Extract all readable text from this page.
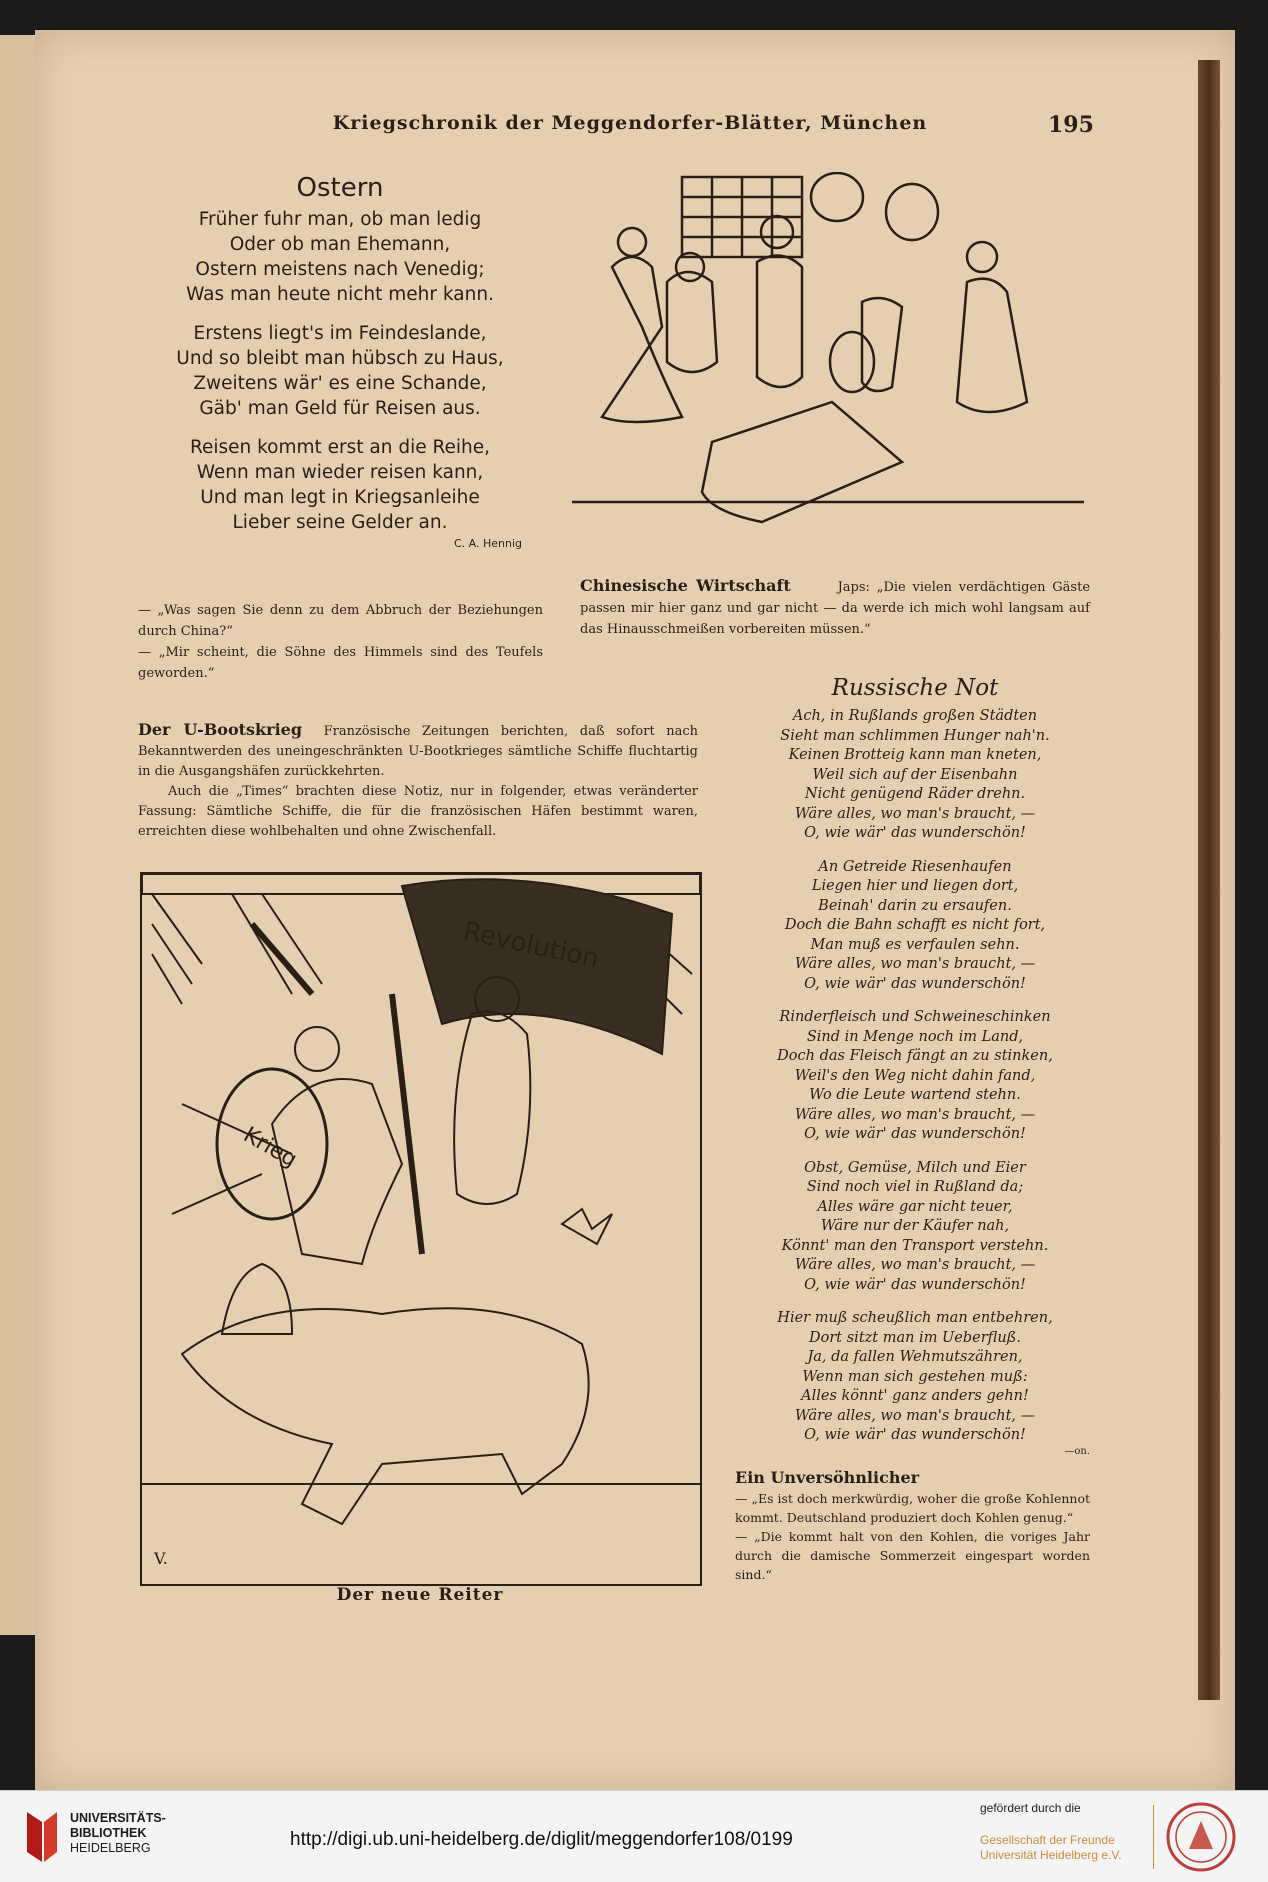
Kriegschronik der Meggendorfer-Blätter, München	195
Ostern
Früher fuhr man, ob man ledig
Oder ob man Ehemann,
Ostern meistens nach Venedig;
Was man heute nicht mehr kann.
Erstens liegt's im Feindeslande,
Und so bleibt man hübsch zu Haus,
Zweitens wär' es eine Schande,
Gäb' man Geld für Reisen aus.
Reisen kommt erst an die Reihe,
Wenn man wieder reisen kann,
Und man legt in Kriegsanleihe
Lieber seine Gelder an.
C. A. Hennig
— „Was sagen Sie denn zu dem Abbruch der Beziehungen durch China?“
— „Mir scheint, die Söhne des Himmels sind des Teufels geworden.“
Der U-Bootskrieg Französische Zeitungen berichten, daß sofort nach Bekanntwerden des uneingeschränkten U-Bootkrieges sämtliche Schiffe fluchtartig in die Ausgangshäfen zurückkehrten.
Auch die „Times“ brachten diese Notiz, nur in folgender, etwas veränderter Fassung: Sämtliche Schiffe, die für die französischen Häfen bestimmt waren, erreichten diese wohlbehalten und ohne Zwischenfall.
Chinesische Wirtschaft	Japs: „Die vielen verdächtigen Gäste passen mir hier ganz und gar nicht — da werde ich mich wohl langsam auf das Hinausschmeißen vorbereiten müssen.“
Revolution
Krieg
V.
Der neue Reiter
Russische Not
Ach, in Rußlands großen Städten
Sieht man schlimmen Hunger nah'n.
Keinen Brotteig kann man kneten,
Weil sich auf der Eisenbahn
Nicht genügend Räder drehn.
Wäre alles, wo man's braucht, —
O, wie wär' das wunderschön!
An Getreide Riesenhaufen
Liegen hier und liegen dort,
Beinah' darin zu ersaufen.
Doch die Bahn schafft es nicht fort,
Man muß es verfaulen sehn.
Wäre alles, wo man's braucht, —
O, wie wär' das wunderschön!
Rinderfleisch und Schweineschinken
Sind in Menge noch im Land,
Doch das Fleisch fängt an zu stinken,
Weil's den Weg nicht dahin fand,
Wo die Leute wartend stehn.
Wäre alles, wo man's braucht, —
O, wie wär' das wunderschön!
Obst, Gemüse, Milch und Eier
Sind noch viel in Rußland da;
Alles wäre gar nicht teuer,
Wäre nur der Käufer nah,
Könnt' man den Transport verstehn.
Wäre alles, wo man's braucht, —
O, wie wär' das wunderschön!
Hier muß scheußlich man entbehren,
Dort sitzt man im Ueberfluß.
Ja, da fallen Wehmutszähren,
Wenn man sich gestehen muß:
Alles könnt' ganz anders gehn!
Wäre alles, wo man's braucht, —
O, wie wär' das wunderschön!
—on.
Ein Unversöhnlicher
— „Es ist doch merkwürdig, woher die große Kohlennot kommt. Deutschland produziert doch Kohlen genug.“
— „Die kommt halt von den Kohlen, die voriges Jahr durch die damische Sommerzeit eingespart worden sind.“
UNIVERSITÄTS-
BIBLIOTHEK
HEIDELBERG	http://digi.ub.uni-heidelberg.de/diglit/meggendorfer108/0199
gefördert durch die
Gesellschaft der Freunde
Universität Heidelberg e.V.
